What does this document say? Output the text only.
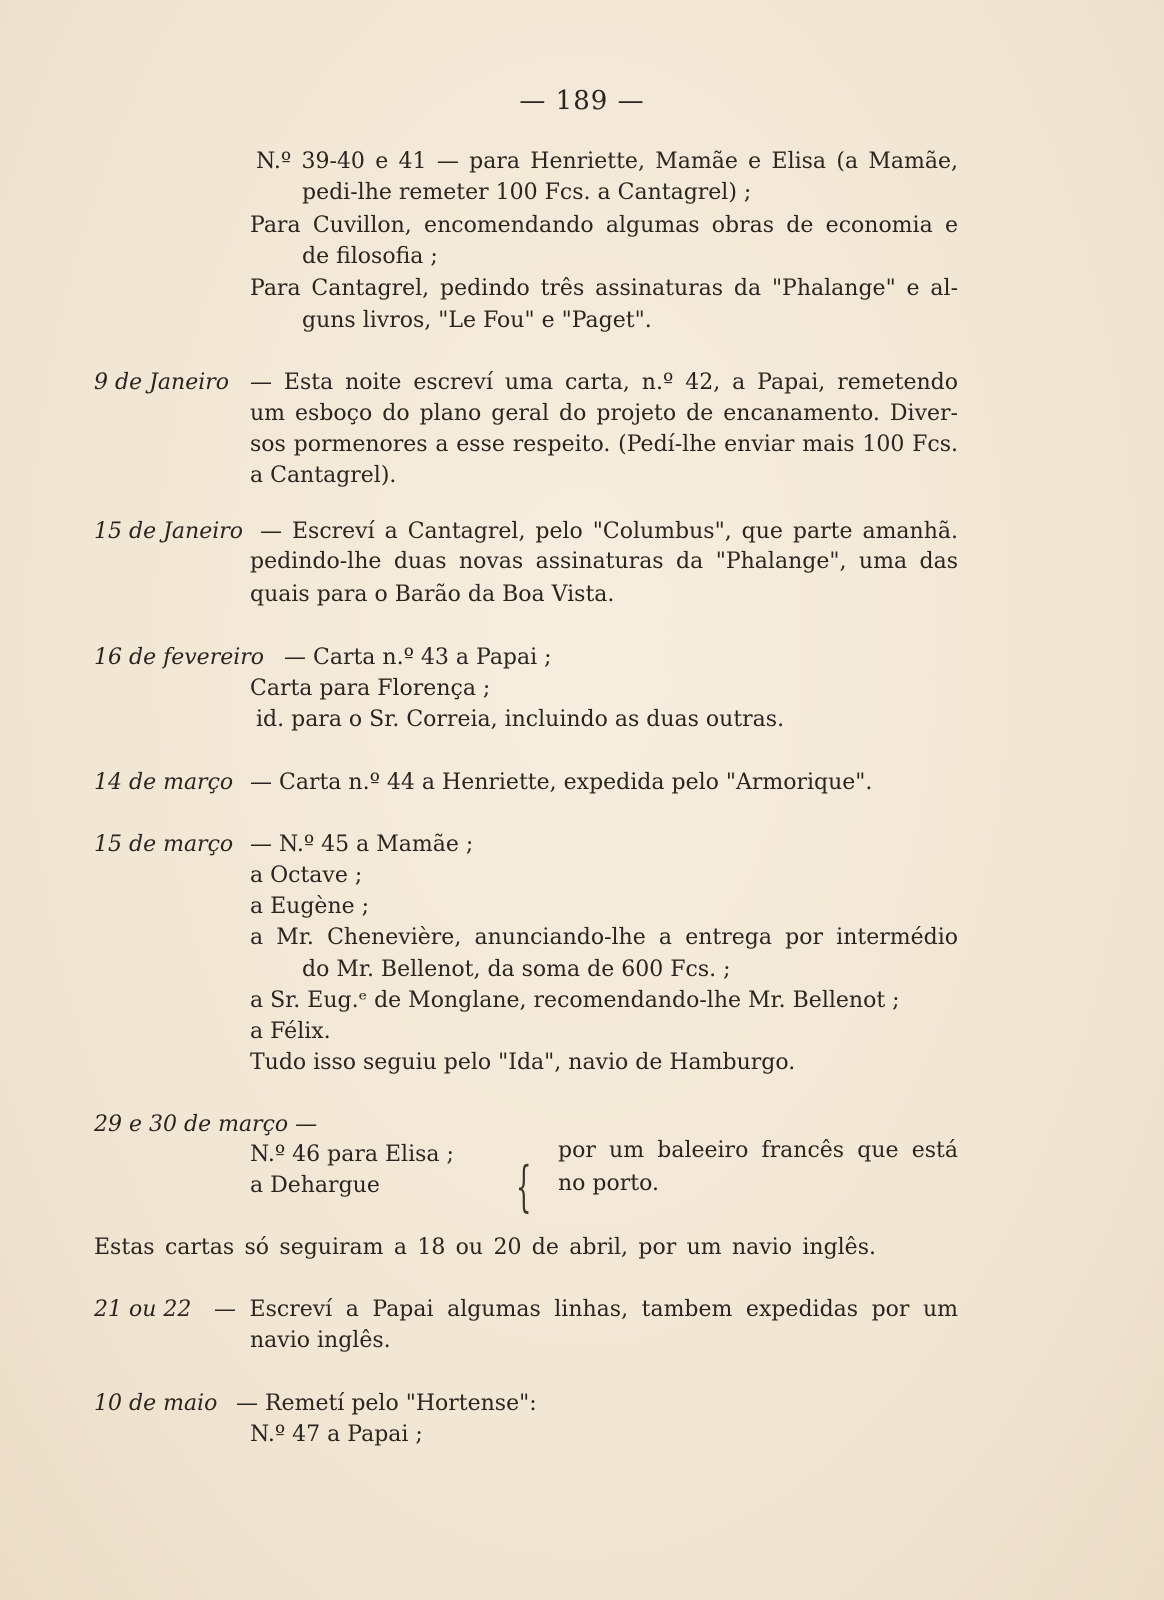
— 189 —
N.º 39-40 e 41 — para Henriette, Mamãe e Elisa (a Mamãe,
pedi-lhe remeter 100 Fcs. a Cantagrel) ;
Para Cuvillon, encomendando algumas obras de economia e
de filosofia ;
Para Cantagrel, pedindo três assinaturas da "Phalange" e al-
guns livros, "Le Fou" e "Paget".
9 de Janeiro — Esta noite escreví uma carta, n.º 42, a Papai, remetendo
um esboço do plano geral do projeto de encanamento. Diver-
sos pormenores a esse respeito. (Pedí-lhe enviar mais 100 Fcs.
a Cantagrel).
15 de Janeiro — Escreví a Cantagrel, pelo "Columbus", que parte amanhã.
pedindo-lhe duas novas assinaturas da "Phalange", uma das
quais para o Barão da Boa Vista.
16 de fevereiro — Carta n.º 43 a Papai ;
Carta para Florença ;
id. para o Sr. Correia, incluindo as duas outras.
14 de março — Carta n.º 44 a Henriette, expedida pelo "Armorique".
15 de março — N.º 45 a Mamãe ;
a Octave ;
a Eugène ;
a Mr. Chenevière, anunciando-lhe a entrega por intermédio
do Mr. Bellenot, da soma de 600 Fcs. ;
a Sr. Eug.ᵉ de Monglane, recomendando-lhe Mr. Bellenot ;
a Félix.
Tudo isso seguiu pelo "Ida", navio de Hamburgo.
29 e 30 de março —
N.º 46 para Elisa ;
a Dehargue	{
por um baleeiro francês que está
no porto.
Estas cartas só seguiram a 18 ou 20 de abril, por um navio inglês.
21 ou 22 — Escreví a Papai algumas linhas, tambem expedidas por um
navio inglês.
10 de maio — Remetí pelo "Hortense":
N.º 47 a Papai ;
